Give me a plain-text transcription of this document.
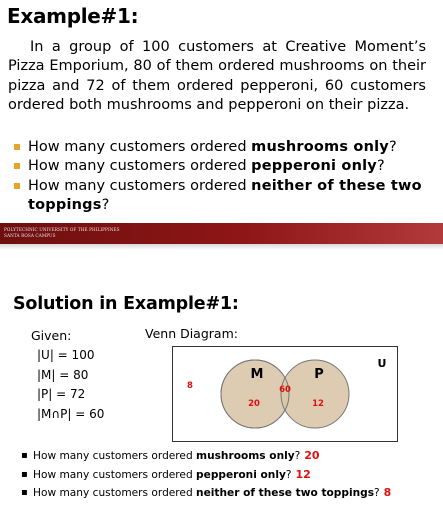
Example#1:
In a group of 100 customers at Creative Moment’s Pizza Emporium, 80 of them ordered mushrooms on their pizza and 72 of them ordered pepperoni, 60 customers ordered both mushrooms and pepperoni on their pizza.
How many customers ordered mushrooms only?
How many customers ordered pepperoni only?
How many customers ordered neither of these two toppings?
POLYTECHNIC UNIVERSITY OF THE PHILIPPINES
SANTA ROSA CAMPUS
Solution in Example#1:
Given:	Venn Diagram:
|U| = 100
|M| = 80
|P| = 72
|M∩P| = 60
U
M	P
20
60
12
8
▪ How many customers ordered mushrooms only? 20
▪ How many customers ordered pepperoni only? 12
▪ How many customers ordered neither of these two toppings? 8
